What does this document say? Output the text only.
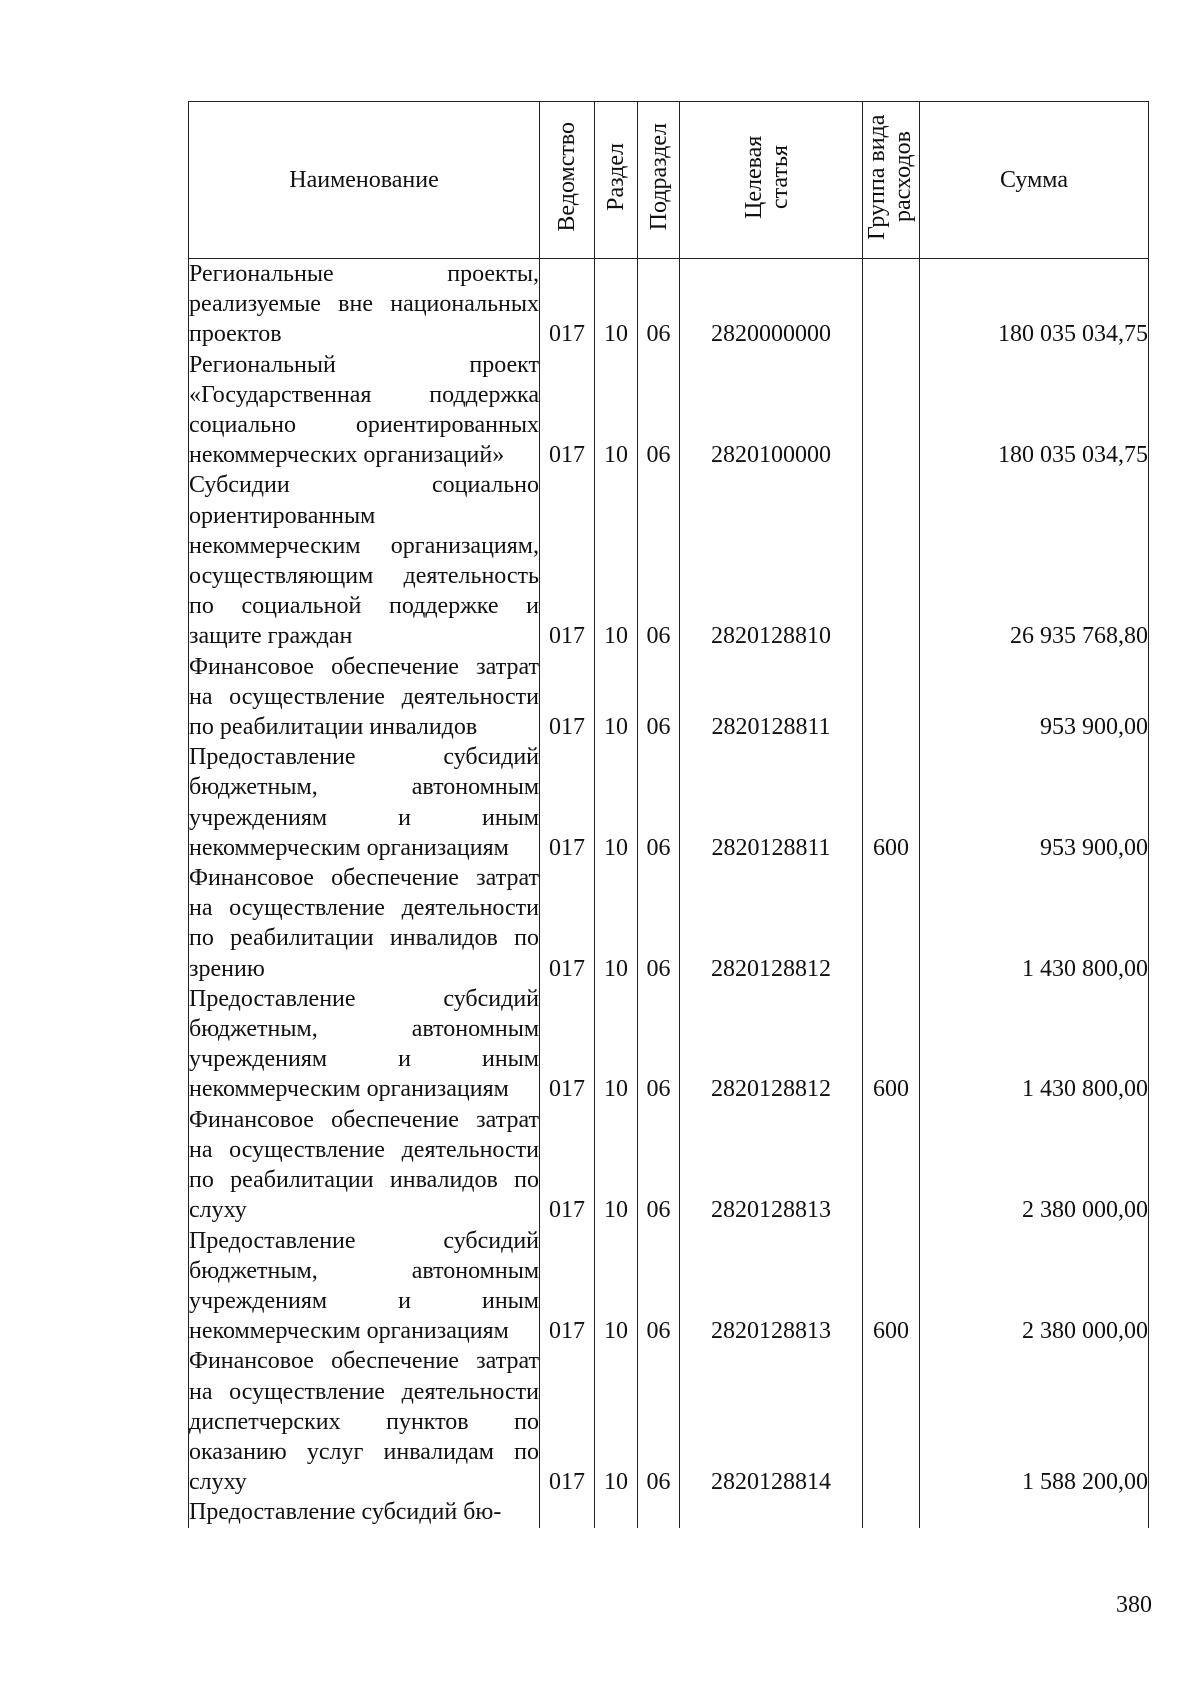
Наименование	Ведомство	Раздел	Подраздел	Целевая статья	Группа вида расходов	Сумма
Региональные проекты, реализуемые вне национальных проектов	017	10	06	2820000000		180 035 034,75
Региональный проект «Государственная поддержка социально ориентированных некоммерческих организаций»	017	10	06	2820100000		180 035 034,75
Субсидии социально ориентированным некоммерческим организациям, осуществляющим деятельность по социальной поддержке и защите граждан	017	10	06	2820128810		26 935 768,80
Финансовое обеспечение затрат на осуществление деятельности по реабилитации инвалидов	017	10	06	2820128811		953 900,00
Предоставление субсидий бюджетным, автономным учреждениям и иным некоммерческим организациям	017	10	06	2820128811	600	953 900,00
Финансовое обеспечение затрат на осуществление деятельности по реабилитации инвалидов по зрению	017	10	06	2820128812		1 430 800,00
Предоставление субсидий бюджетным, автономным учреждениям и иным некоммерческим организациям	017	10	06	2820128812	600	1 430 800,00
Финансовое обеспечение затрат на осуществление деятельности по реабилитации инвалидов по слуху	017	10	06	2820128813		2 380 000,00
Предоставление субсидий бюджетным, автономным учреждениям и иным некоммерческим организациям	017	10	06	2820128813	600	2 380 000,00
Финансовое обеспечение затрат на осуществление деятельности диспетчерских пунктов по оказанию услуг инвалидам по слуху	017	10	06	2820128814		1 588 200,00
Предоставление субсидий бю-						
380
